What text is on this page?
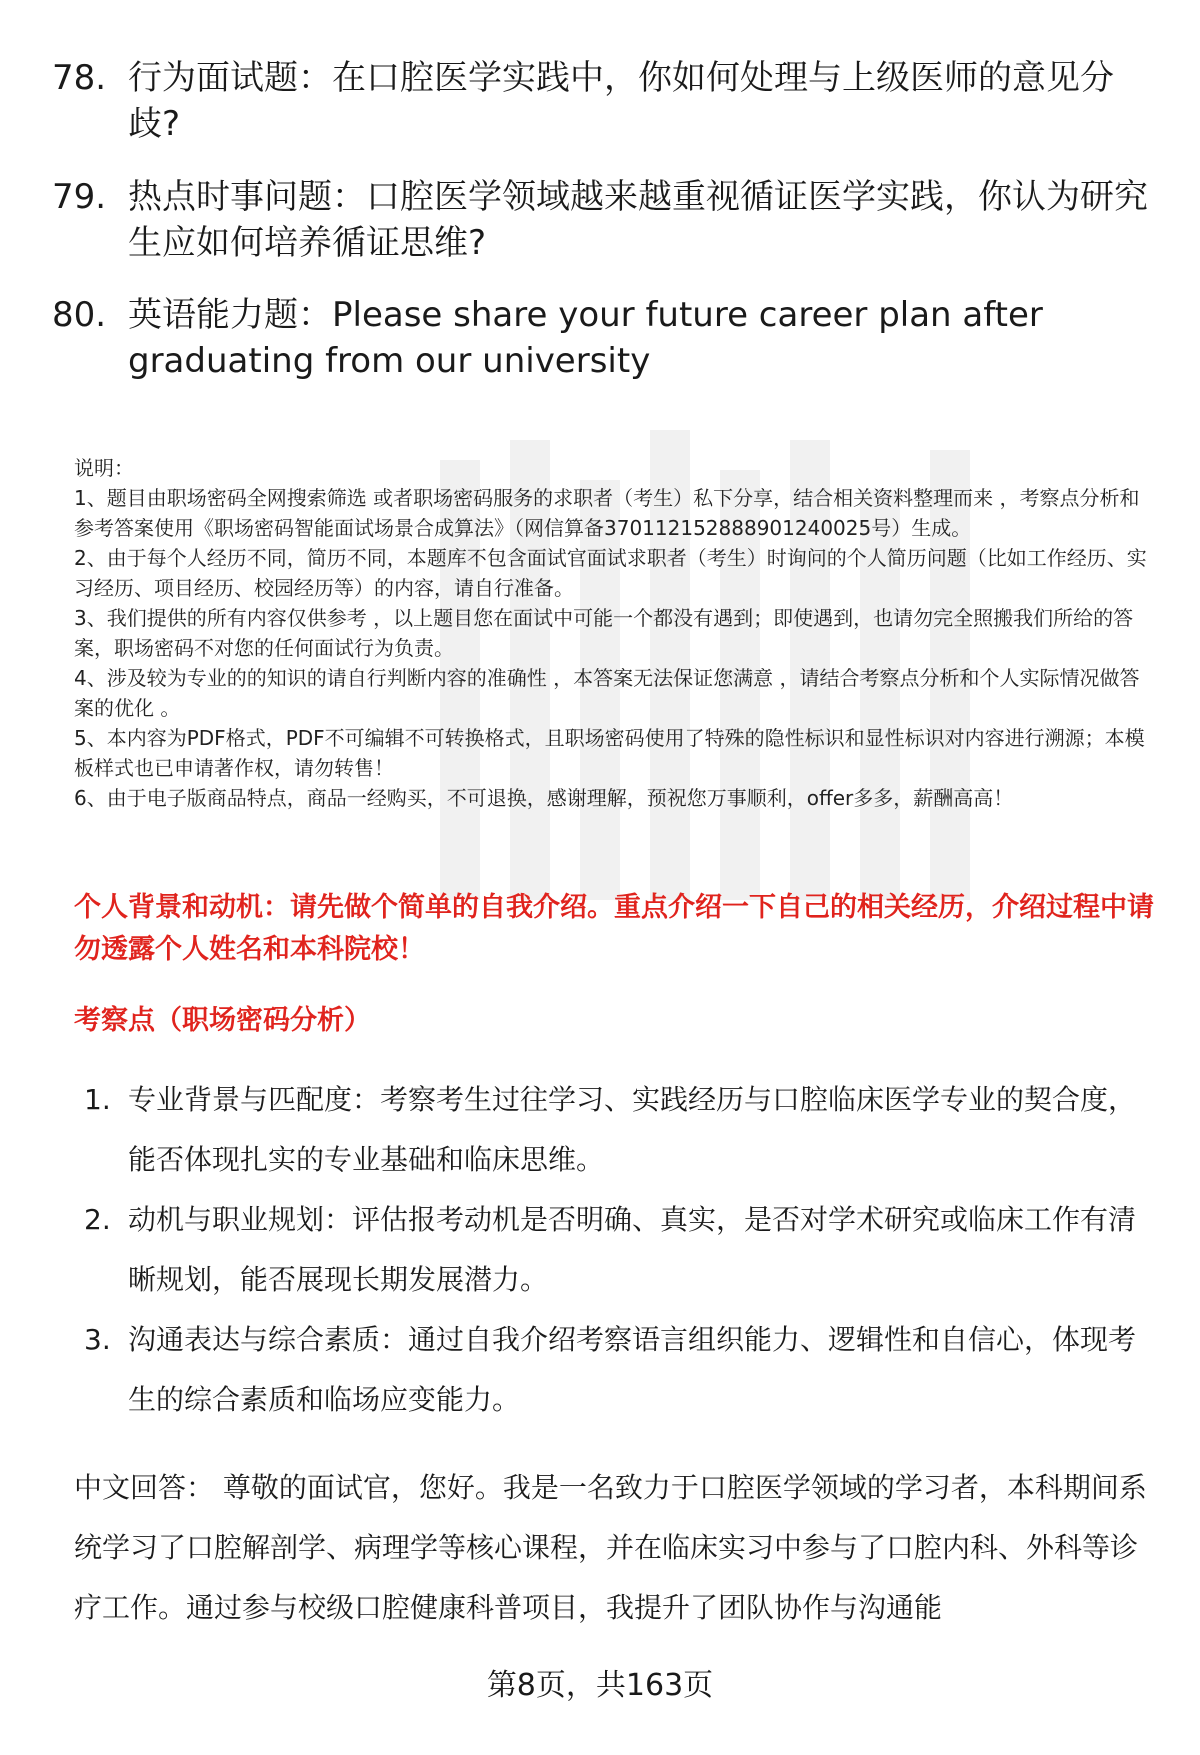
78. 行为面试题：在口腔医学实践中，你如何处理与上级医师的意见分歧?
79. 热点时事问题：口腔医学领域越来越重视循证医学实践，你认为研究生应如何培养循证思维?
80. 英语能力题：Please share your future career plan after graduating from our university

说明：

1、题目由职场密码全网搜索筛选 或者职场密码服务的求职者（考生）私下分享，结合相关资料整理而来 ，考察点分析和参考答案使用《职场密码智能面试场景合成算法》（网信算备370112152888901240025号）生成。

2、由于每个人经历不同，简历不同，本题库不包含面试官面试求职者（考生）时询问的个人简历问题（比如工作经历、实习经历、项目经历、校园经历等）的内容，请自行准备。

3、我们提供的所有内容仅供参考 ，以上题目您在面试中可能一个都没有遇到；即使遇到，也请勿完全照搬我们所给的答案，职场密码不对您的任何面试行为负责。

4、涉及较为专业的的知识的请自行判断内容的准确性 ，本答案无法保证您满意 ，请结合考察点分析和个人实际情况做答案的优化 。

5、本内容为PDF格式，PDF不可编辑不可转换格式，且职场密码使用了特殊的隐性标识和显性标识对内容进行溯源；本模板样式也已申请著作权，请勿转售！

6、由于电子版商品特点，商品一经购买，不可退换，感谢理解，预祝您万事顺利，offer多多，薪酬高高！

个人背景和动机：请先做个简单的自我介绍。重点介绍一下自己的相关经历，介绍过程中请勿透露个人姓名和本科院校！
考察点（职场密码分析）
1. 专业背景与匹配度：考察考生过往学习、实践经历与口腔临床医学专业的契合度，能否体现扎实的专业基础和临床思维。
2. 动机与职业规划：评估报考动机是否明确、真实，是否对学术研究或临床工作有清晰规划，能否展现长期发展潜力。
3. 沟通表达与综合素质：通过自我介绍考察语言组织能力、逻辑性和自信心，体现考生的综合素质和临场应变能力。
中文回答： 尊敬的面试官，您好。我是一名致力于口腔医学领域的学习者，本科期间系统学习了口腔解剖学、病理学等核心课程，并在临床实习中参与了口腔内科、外科等诊疗工作。通过参与校级口腔健康科普项目，我提升了团队协作与沟通能
第8页，共163页
